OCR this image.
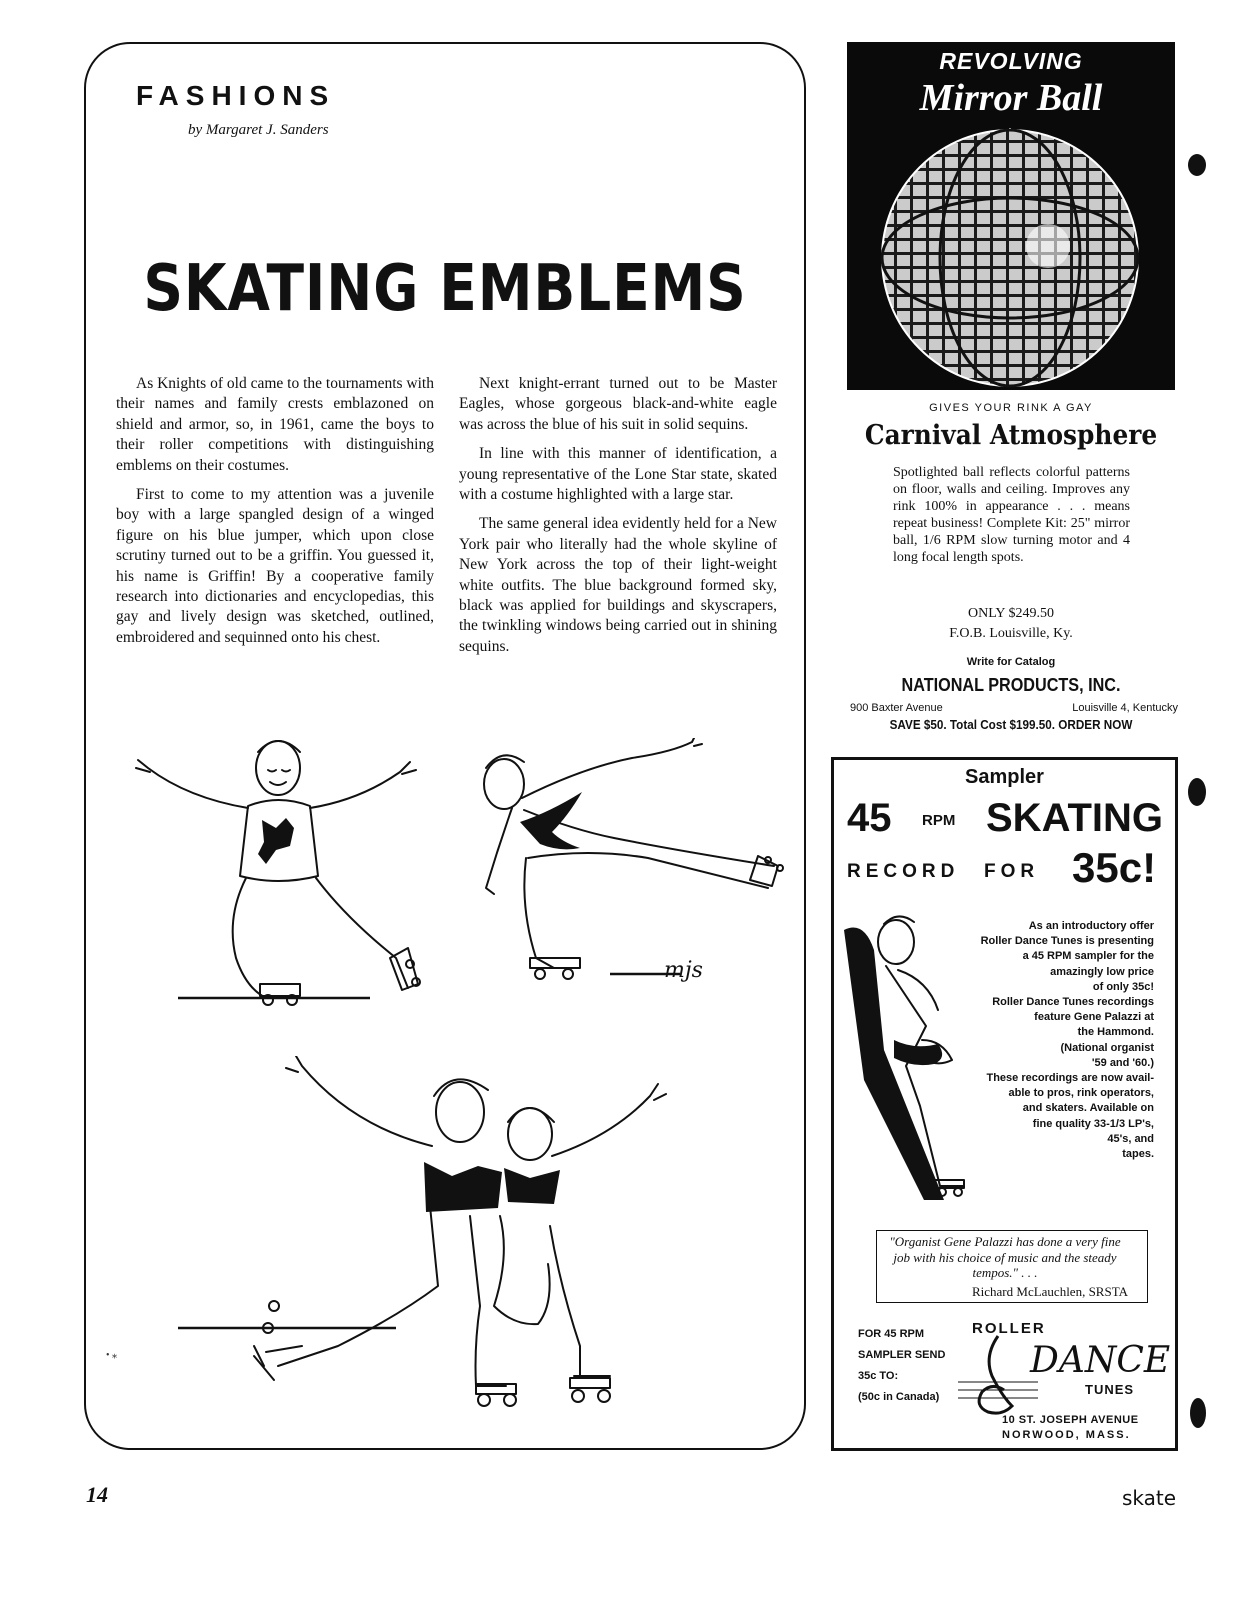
FASHIONS
by Margaret J. Sanders
SKATING EMBLEMS

As Knights of old came to the tournaments with their names and family crests emblazoned on shield and armor, so, in 1961, came the boys to their roller competitions with distinguishing emblems on their costumes.

First to come to my attention was a juvenile boy with a large spangled design of a winged figure on his blue jumper, which upon close scrutiny turned out to be a griffin. You guessed it, his name is Griffin! By a cooperative family research into dictionaries and encyclopedias, this gay and lively design was sketched, outlined, embroidered and sequinned onto his chest.

Next knight-errant turned out to be Master Eagles, whose gorgeous black-and-white eagle was across the blue of his suit in solid sequins.

In line with this manner of identification, a young representative of the Lone Star state, skated with a costume highlighted with a large star.

The same general idea evidently held for a New York pair who literally had the whole skyline of New York across the top of their light-weight white outfits. The blue background formed sky, black was applied for buildings and skyscrapers, the twinkling windows being carried out in shining sequins.

mjs
• ⁎
REVOLVING
Mirror Ball
GIVES YOUR RINK A GAY
Carnival Atmosphere
Spotlighted ball reflects colorful patterns on floor, walls and ceiling. Improves any rink 100% in appearance . . . means repeat business! Complete Kit: 25" mirror ball, 1/6 RPM slow turning motor and 4 long focal length spots.
ONLY $249.50
F.O.B. Louisville, Ky.
Write for Catalog
NATIONAL PRODUCTS, INC.
900 Baxter Avenue	Louisville 4, Kentucky
SAVE $50. Total Cost $199.50. ORDER NOW
Sampler
45 RPM SKATING
RECORD FOR 35c!
As an introductory offer
Roller Dance Tunes is presenting
a 45 RPM sampler for the
amazingly low price
of only 35c!
Roller Dance Tunes recordings
feature Gene Palazzi at
the Hammond.
(National organist
'59 and '60.)
These recordings are now avail-
able to pros, rink operators,
and skaters. Available on
fine quality 33-1/3 LP's,
45's, and
tapes.
"Organist Gene Palazzi has done a very fine job with his choice of music and the steady tempos." . . .
Richard McLauchlen, SRSTA
FOR 45 RPM
SAMPLER SEND
35c TO:
(50c in Canada)
ROLLER
DANCE
TUNES
10 ST. JOSEPH AVENUE
NORWOOD, MASS.
14	skate
